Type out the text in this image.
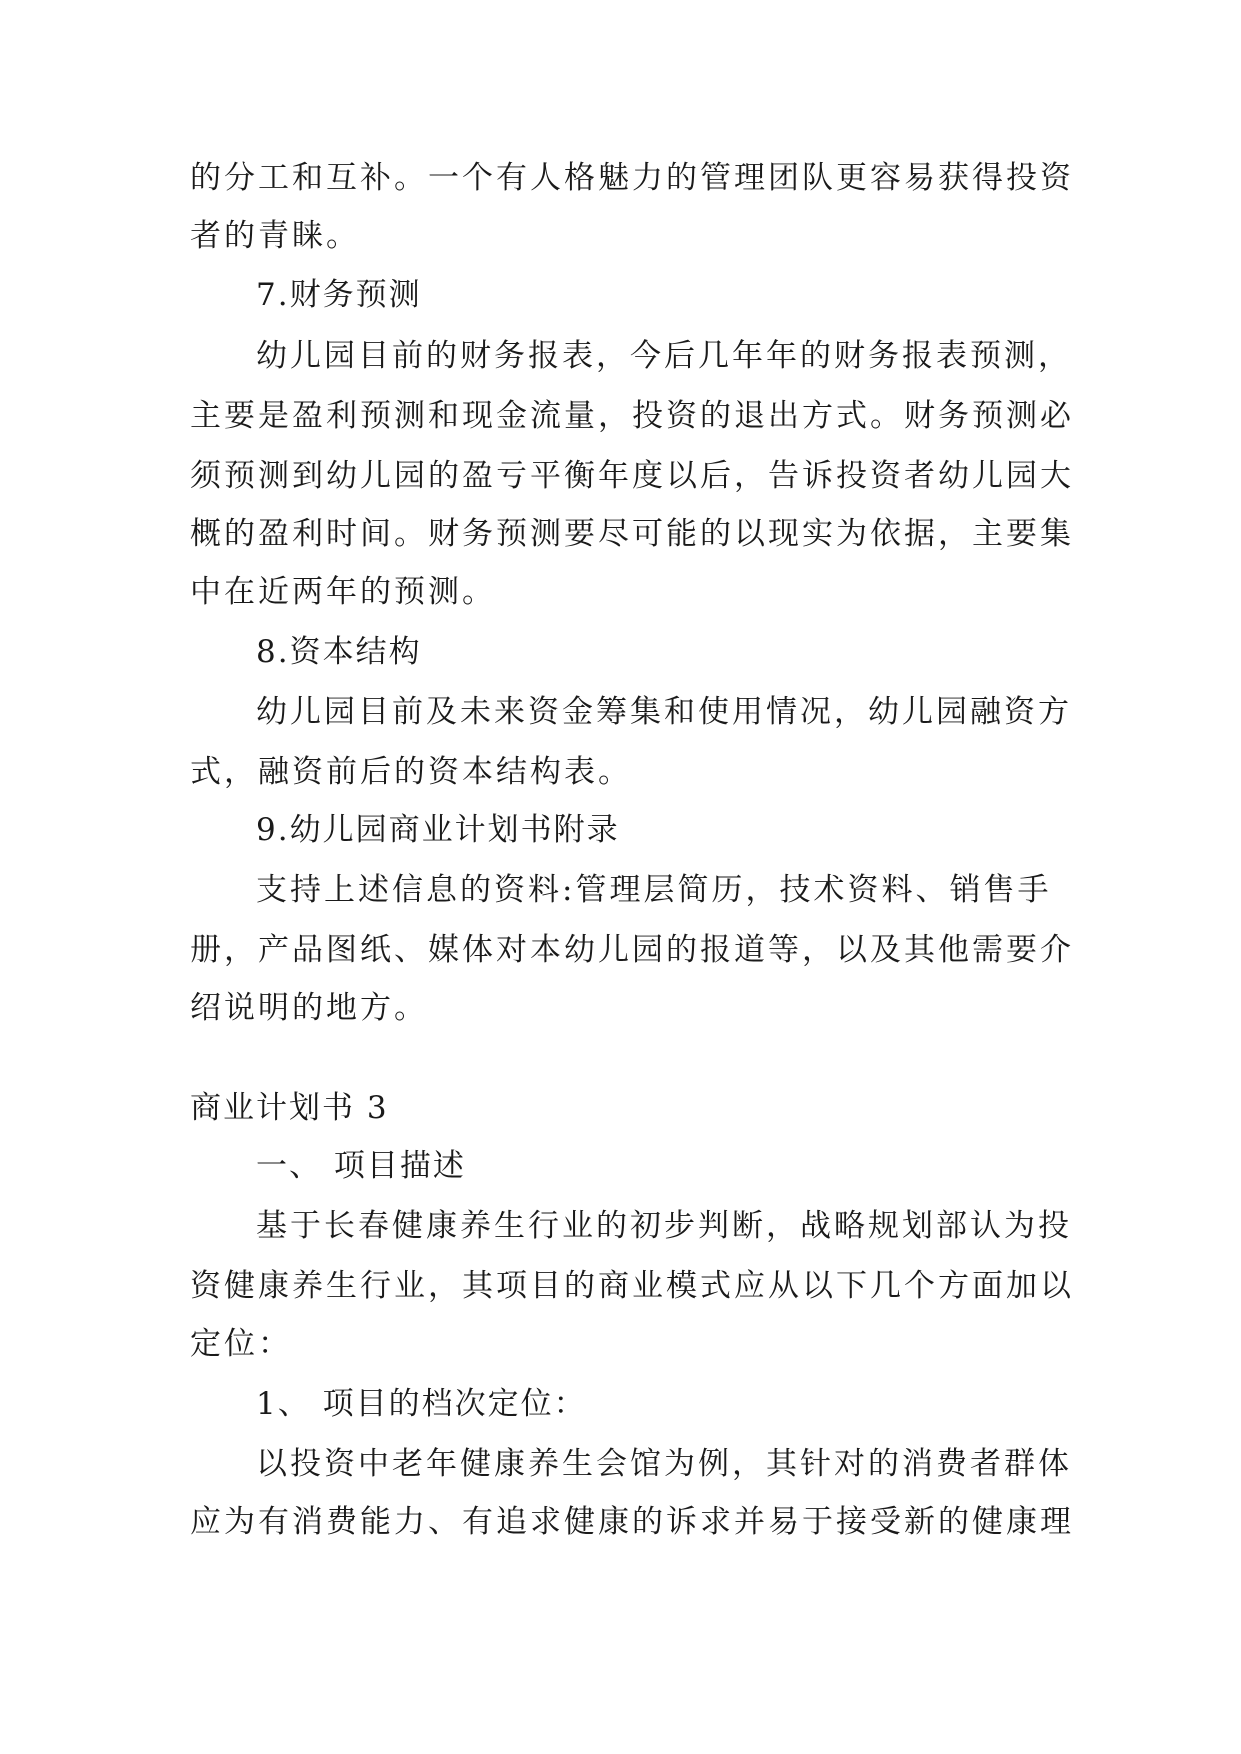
的分工和互补。一个有人格魅力的管理团队更容易获得投资
者的青睐。
7.财务预测
幼儿园目前的财务报表，今后几年年的财务报表预测，
主要是盈利预测和现金流量，投资的退出方式。财务预测必
须预测到幼儿园的盈亏平衡年度以后，告诉投资者幼儿园大
概的盈利时间。财务预测要尽可能的以现实为依据，主要集
中在近两年的预测。
8.资本结构
幼儿园目前及未来资金筹集和使用情况，幼儿园融资方
式，融资前后的资本结构表。
9.幼儿园商业计划书附录
支持上述信息的资料:管理层简历，技术资料、销售手
册，产品图纸、媒体对本幼儿园的报道等，以及其他需要介
绍说明的地方。
商业计划书 3
一、 项目描述
基于长春健康养生行业的初步判断，战略规划部认为投
资健康养生行业，其项目的商业模式应从以下几个方面加以
定位：
1、 项目的档次定位：
以投资中老年健康养生会馆为例，其针对的消费者群体
应为有消费能力、有追求健康的诉求并易于接受新的健康理
